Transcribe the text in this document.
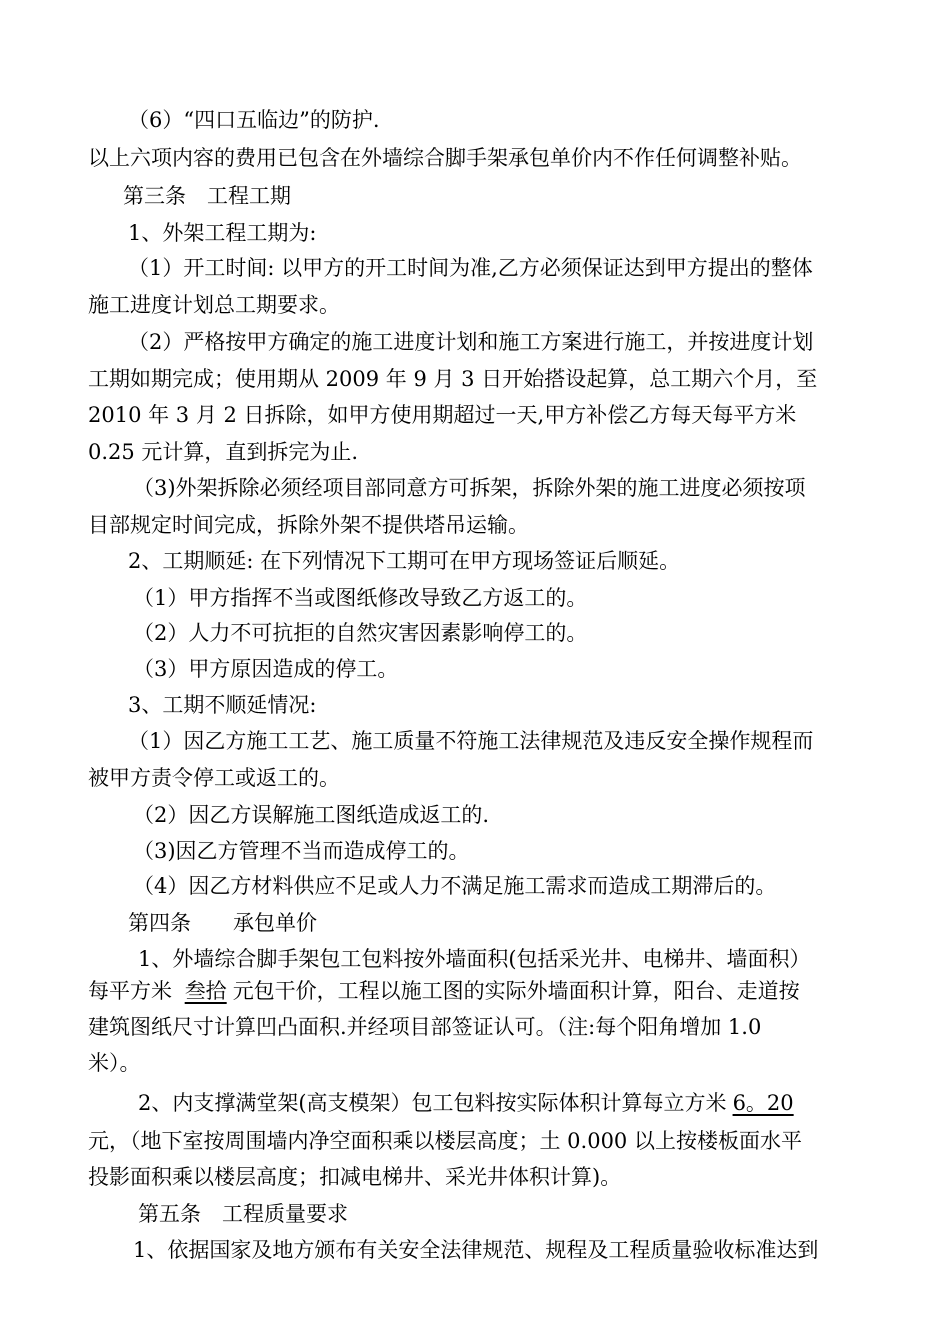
（6）“四口五临边”的防护.
以上六项内容的费用已包含在外墙综合脚手架承包单价内不作任何调整补贴。
第三条　工程工期
1、外架工程工期为:
（1）开工时间: 以甲方的开工时间为准,乙方必须保证达到甲方提出的整体
施工进度计划总工期要求。
（2）严格按甲方确定的施工进度计划和施工方案进行施工，并按进度计划
工期如期完成；使用期从 2009 年 9 月 3 日开始搭设起算，总工期六个月，至
2010 年 3 月 2 日拆除，如甲方使用期超过一天,甲方补偿乙方每天每平方米
0.25 元计算，直到拆完为止.
（3)外架拆除必须经项目部同意方可拆架，拆除外架的施工进度必须按项
目部规定时间完成，拆除外架不提供塔吊运输。
2、工期顺延: 在下列情况下工期可在甲方现场签证后顺延。
（1）甲方指挥不当或图纸修改导致乙方返工的。
（2）人力不可抗拒的自然灾害因素影响停工的。
（3）甲方原因造成的停工。
3、工期不顺延情况:
（1）因乙方施工工艺、施工质量不符施工法律规范及违反安全操作规程而
被甲方责令停工或返工的。
（2）因乙方误解施工图纸造成返工的.
（3)因乙方管理不当而造成停工的。
（4）因乙方材料供应不足或人力不满足施工需求而造成工期滞后的。
第四条　　承包单价
1、外墙综合脚手架包工包料按外墙面积(包括采光井、电梯井、墙面积）
建筑图纸尺寸计算凹凸面积.并经项目部签证认可。（注:每个阳角增加 1.0
米）。
元，（地下室按周围墙内净空面积乘以楼层高度；土 0.000 以上按楼板面水平
投影面积乘以楼层高度；扣减电梯井、采光井体积计算)。
第五条　工程质量要求
1、依据国家及地方颁布有关安全法律规范、规程及工程质量验收标准达到
每平方米 叁拾 元包干价，工程以施工图的实际外墙面积计算，阳台、走道按
2、内支撑满堂架(高支模架）包工包料按实际体积计算每立方米 6。20
